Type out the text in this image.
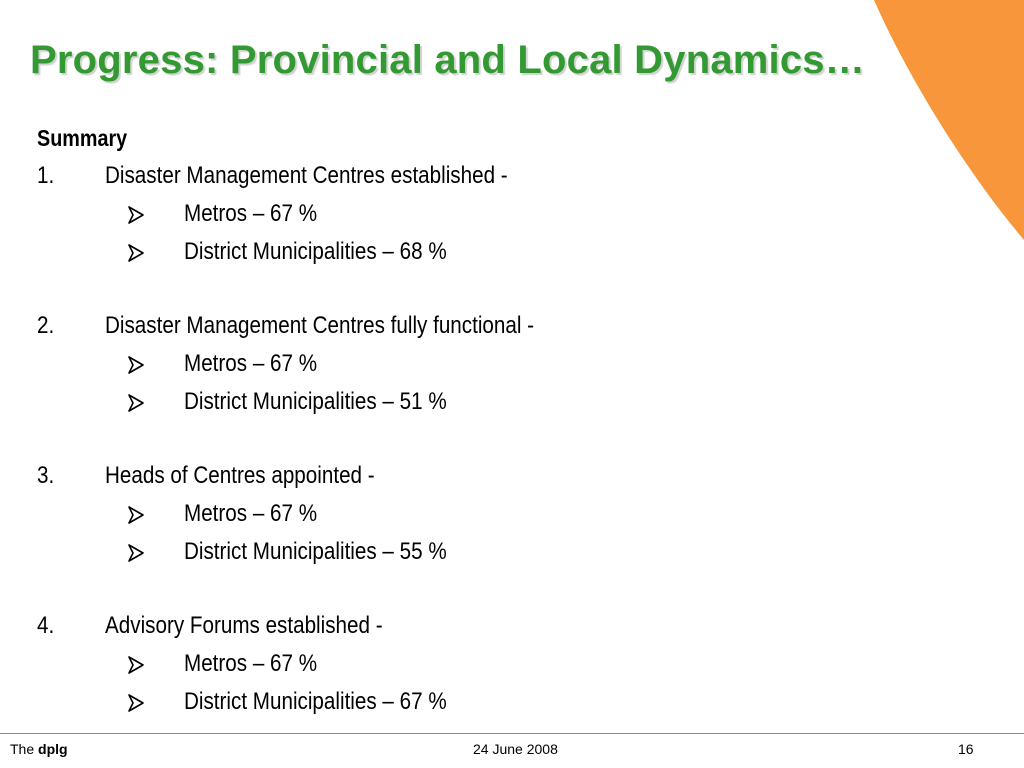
Progress: Provincial and Local Dynamics…
Summary
1. Disaster Management Centres established -
Metros – 67 %
District Municipalities – 68 %
2. Disaster Management Centres fully functional -
Metros – 67 %
District Municipalities – 51 %
3. Heads of Centres appointed -
Metros – 67 %
District Municipalities – 55 %
4. Advisory Forums established -
Metros – 67 %
District Municipalities – 67 %
The dplg	24 June 2008	16
